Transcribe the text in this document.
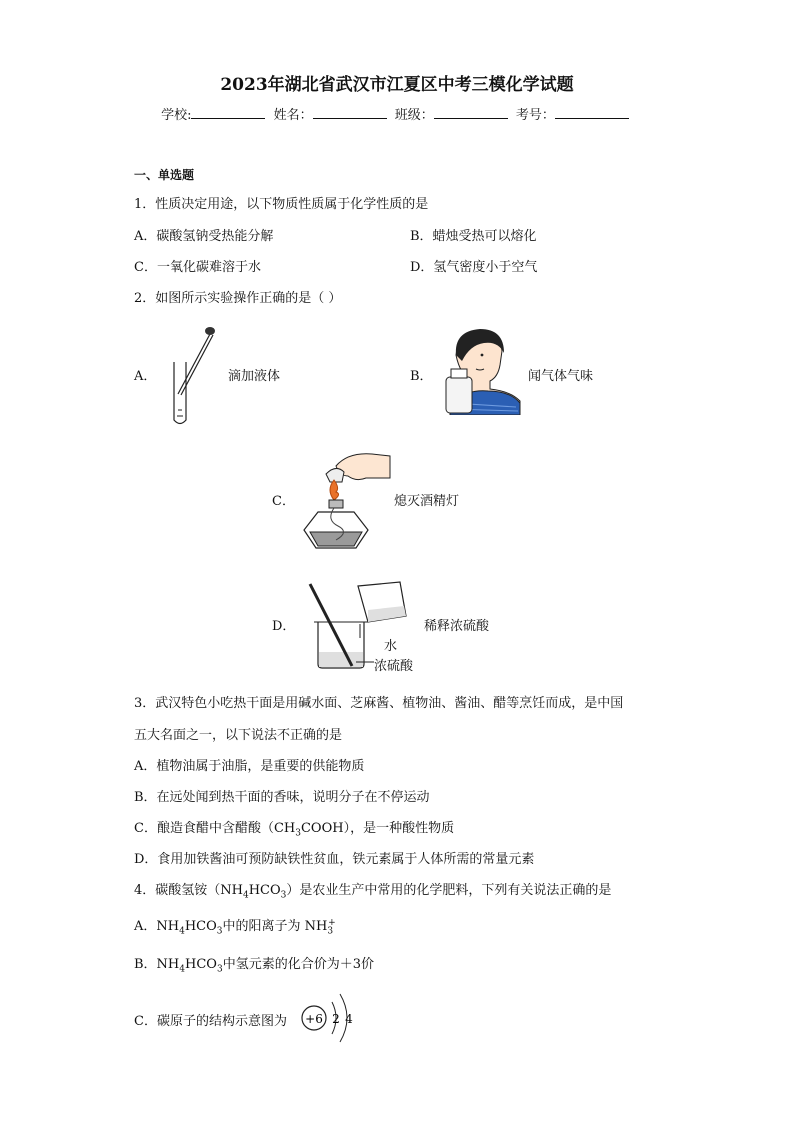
2023年湖北省武汉市江夏区中考三模化学试题
学校:	姓名：	班级：	考号：
一、单选题
1．性质决定用途，以下物质性质属于化学性质的是
A．碳酸氢钠受热能分解	B．蜡烛受热可以熔化
C．一氧化碳难溶于水	D．氢气密度小于空气
2．如图所示实验操作正确的是（ ）
A．	滴加液体	B．	闻气体气味
C．	熄灭酒精灯
D．
水
浓硫酸
稀释浓硫酸
3．武汉特色小吃热干面是用碱水面、芝麻酱、植物油、酱油、醋等烹饪而成，是中国
五大名面之一，以下说法不正确的是
A．植物油属于油脂，是重要的供能物质
B．在远处闻到热干面的香味，说明分子在不停运动
C．酿造食醋中含醋酸$(CH_3COOH)$，是一种酸性物质
D．食用加铁酱油可预防缺铁性贫血，铁元素属于人体所需的常量元素
4．碳酸氢铵$(NH_4HCO_3)$是农业生产中常用的化学肥料，下列有关说法正确的是
A．$NH_4HCO_3$中的阳离子为 $NH_3^+$
B．$NH_4HCO_3$中氢元素的化合价为＋3价
C．碳原子的结构示意图为 +6 2 4
